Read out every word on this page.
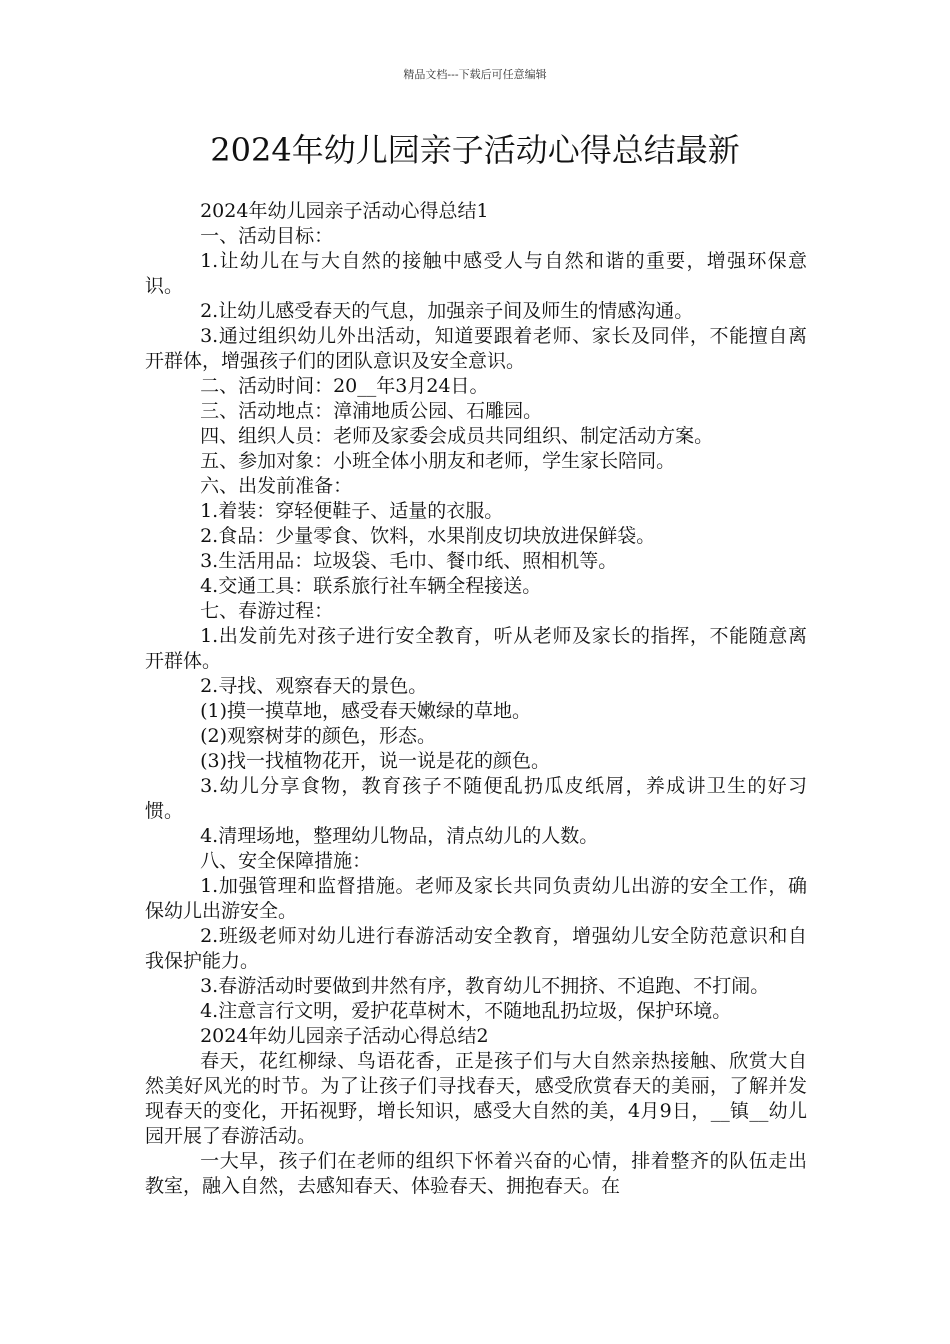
精品文档---下载后可任意编辑
2024年幼儿园亲子活动心得总结最新

2024年幼儿园亲子活动心得总结1

一、活动目标：

1.让幼儿在与大自然的接触中感受人与自然和谐的重要，增强环保意识。

2.让幼儿感受春天的气息，加强亲子间及师生的情感沟通。

3.通过组织幼儿外出活动，知道要跟着老师、家长及同伴，不能擅自离开群体，增强孩子们的团队意识及安全意识。

二、活动时间：20__年3月24日。

三、活动地点：漳浦地质公园、石雕园。

四、组织人员：老师及家委会成员共同组织、制定活动方案。

五、参加对象：小班全体小朋友和老师，学生家长陪同。

六、出发前准备：

1.着装：穿轻便鞋子、适量的衣服。

2.食品：少量零食、饮料，水果削皮切块放进保鲜袋。

3.生活用品：垃圾袋、毛巾、餐巾纸、照相机等。

4.交通工具：联系旅行社车辆全程接送。

七、春游过程：

1.出发前先对孩子进行安全教育，听从老师及家长的指挥，不能随意离开群体。

2.寻找、观察春天的景色。

(1)摸一摸草地，感受春天嫩绿的草地。

(2)观察树芽的颜色，形态。

(3)找一找植物花开，说一说是花的颜色。

3.幼儿分享食物，教育孩子不随便乱扔瓜皮纸屑，养成讲卫生的好习惯。

4.清理场地，整理幼儿物品，清点幼儿的人数。

八、安全保障措施：

1.加强管理和监督措施。老师及家长共同负责幼儿出游的安全工作，确保幼儿出游安全。

2.班级老师对幼儿进行春游活动安全教育，增强幼儿安全防范意识和自我保护能力。

3.春游活动时要做到井然有序，教育幼儿不拥挤、不追跑、不打闹。

4.注意言行文明，爱护花草树木，不随地乱扔垃圾，保护环境。

2024年幼儿园亲子活动心得总结2

春天，花红柳绿、鸟语花香，正是孩子们与大自然亲热接触、欣赏大自然美好风光的时节。为了让孩子们寻找春天，感受欣赏春天的美丽，了解并发现春天的变化，开拓视野，增长知识，感受大自然的美，4月9日，__镇__幼儿园开展了春游活动。

一大早，孩子们在老师的组织下怀着兴奋的心情，排着整齐的队伍走出教室，融入自然，去感知春天、体验春天、拥抱春天。在
